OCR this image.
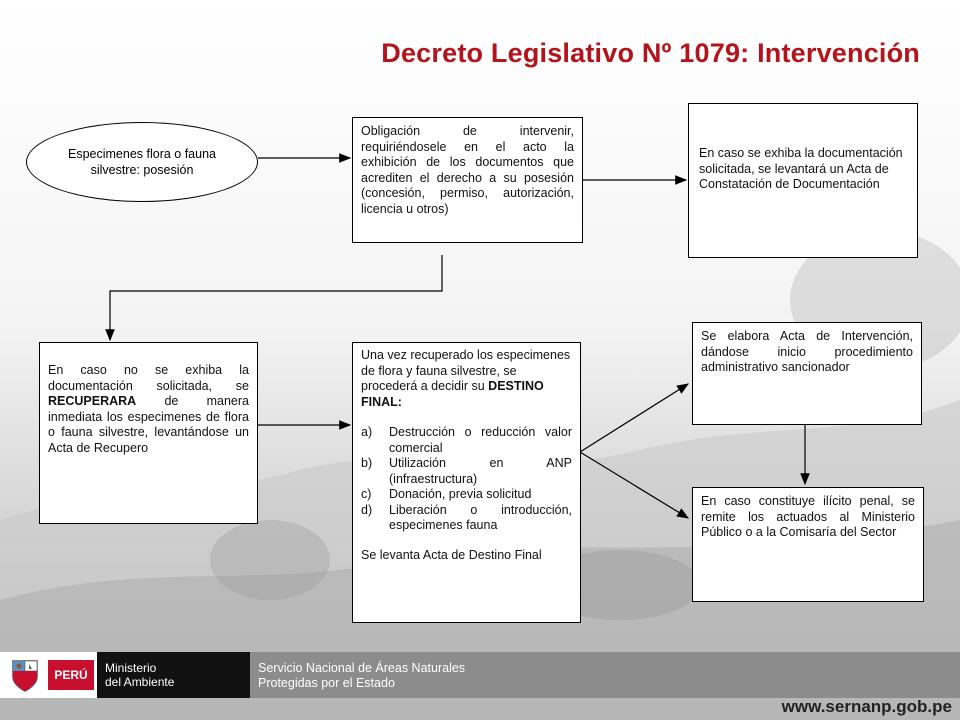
Decreto Legislativo Nº 1079: Intervención
Especimenes flora o fauna silvestre: posesión
Obligación de intervenir, requiriéndosele en el acto la exhibición de los documentos que acrediten el derecho a su posesión (concesión, permiso, autorización, licencia u otros)
En caso se exhiba la documentación solicitada, se levantará un Acta de Constatación de Documentación
En caso no se exhiba la documentación solicitada, se RECUPERARA de manera inmediata los especimenes de flora o fauna silvestre, levantándose un Acta de Recupero
Una vez recuperado los especimenes de flora y fauna silvestre, se procederá a decidir su DESTINO FINAL:
a)	Destrucción o reducción valor comercial
b)	Utilización en ANP (infraestructura)
c)	Donación, previa solicitud
d)	Liberación o introducción, especimenes fauna
Se levanta Acta de Destino Final
Se elabora Acta de Intervención, dándose inicio procedimiento administrativo sancionador
En caso constituye ilícito penal, se remite los actuados al Ministerio Público o a la Comisaría del Sector
PERÚ	Ministerio
del Ambiente
Servicio Nacional de Áreas Naturales
Protegidas por el Estado
www.sernanp.gob.pe
